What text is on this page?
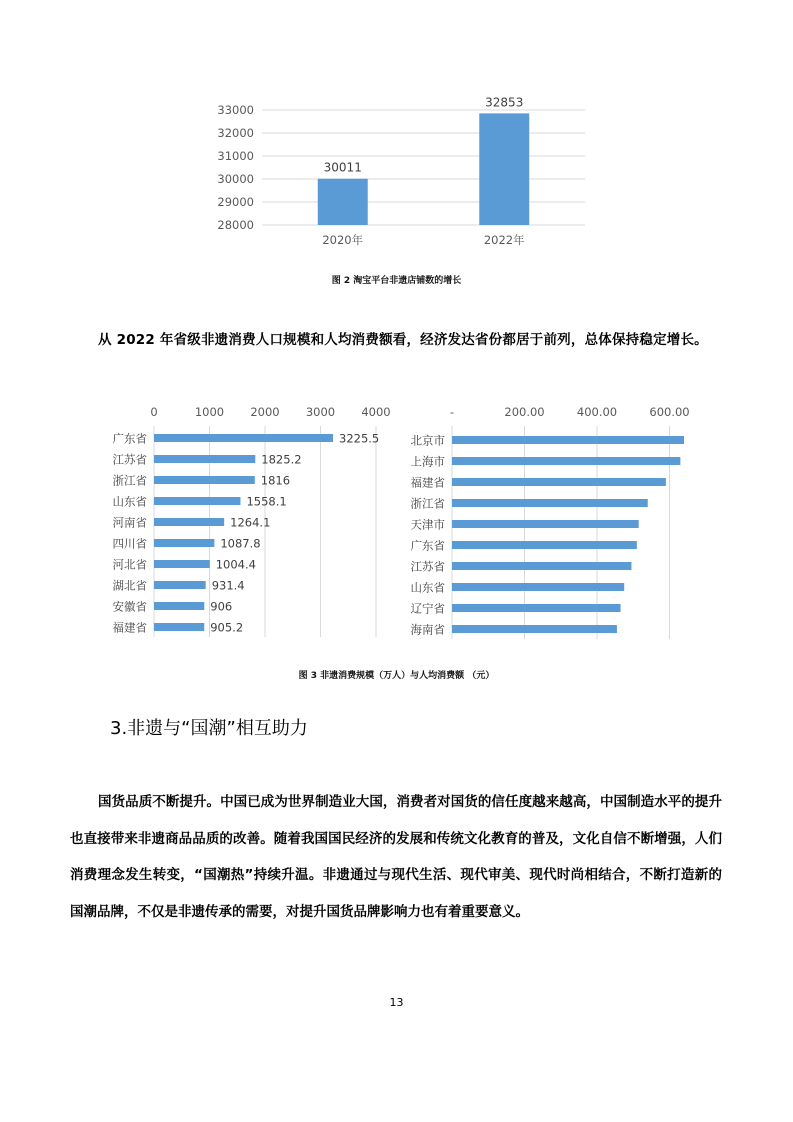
28000
29000
30000
31000
32000
33000
30011
2020年
32853
2022年
图 2 淘宝平台非遗店铺数的增长
从 2022 年省级非遗消费人口规模和人均消费额看，经济发达省份都居于前列，总体保持稳定增长。
0	1000 2000 3000 4000
广东省	3225.5
江苏省	1825.2
浙江省	1816
山东省	1558.1
河南省	1264.1
四川省	1087.8
河北省	1004.4
湖北省	931.4
安徽省	906
福建省	905.2
-	200.00	400.00	600.00
北京市
上海市
福建省
浙江省
天津市
广东省
江苏省
山东省
辽宁省
海南省
图 3 非遗消费规模（万人）与人均消费额 （元）
3.非遗与“国潮”相互助力
国货品质不断提升。中国已成为世界制造业大国，消费者对国货的信任度越来越高，中国制造水平的提升也直接带来非遗商品品质的改善。随着我国国民经济的发展和传统文化教育的普及，文化自信不断增强，人们消费理念发生转变，“国潮热”持续升温。非遗通过与现代生活、现代审美、现代时尚相结合，不断打造新的国潮品牌，不仅是非遗传承的需要，对提升国货品牌影响力也有着重要意义。
13
